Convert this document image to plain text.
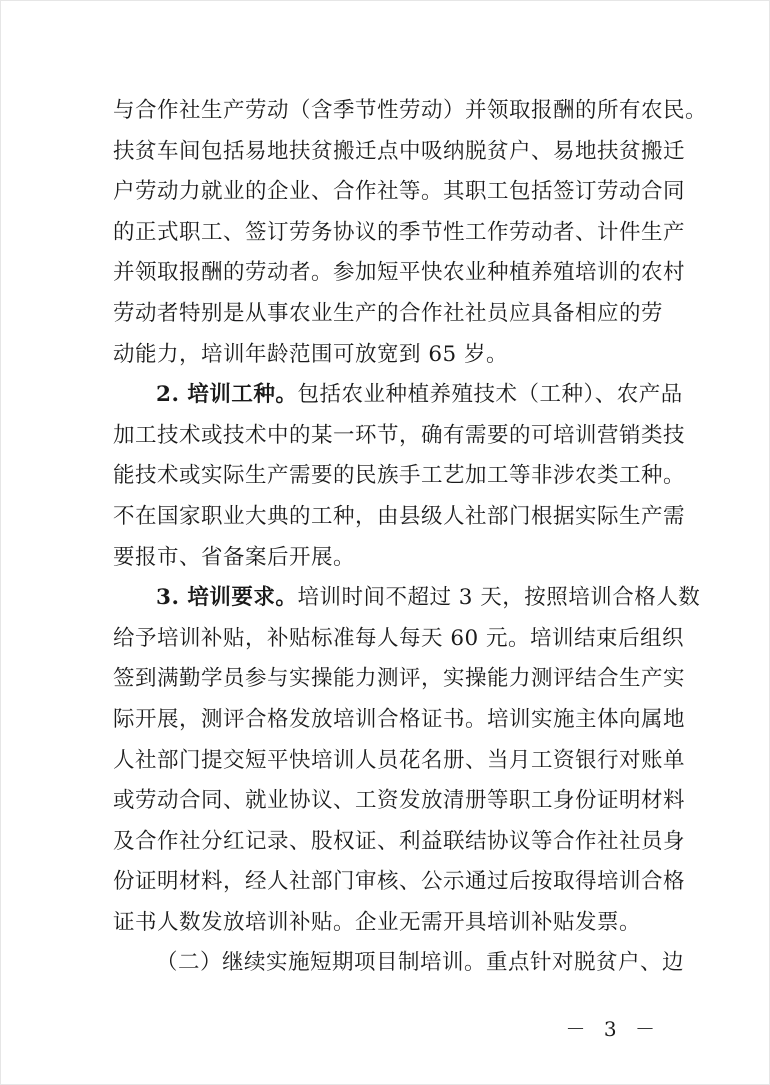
与合作社生产劳动（含季节性劳动）并领取报酬的所有农民。
扶贫车间包括易地扶贫搬迁点中吸纳脱贫户、易地扶贫搬迁
户劳动力就业的企业、合作社等。其职工包括签订劳动合同
的正式职工、签订劳务协议的季节性工作劳动者、计件生产
并领取报酬的劳动者。参加短平快农业种植养殖培训的农村
劳动者特别是从事农业生产的合作社社员应具备相应的劳
动能力，培训年龄范围可放宽到 65 岁。
2. 培训工种。包括农业种植养殖技术（工种）、农产品
加工技术或技术中的某一环节，确有需要的可培训营销类技
能技术或实际生产需要的民族手工艺加工等非涉农类工种。
不在国家职业大典的工种，由县级人社部门根据实际生产需
要报市、省备案后开展。
3. 培训要求。培训时间不超过 3 天，按照培训合格人数
给予培训补贴，补贴标准每人每天 60 元。培训结束后组织
签到满勤学员参与实操能力测评，实操能力测评结合生产实
际开展，测评合格发放培训合格证书。培训实施主体向属地
人社部门提交短平快培训人员花名册、当月工资银行对账单
或劳动合同、就业协议、工资发放清册等职工身份证明材料
及合作社分红记录、股权证、利益联结协议等合作社社员身
份证明材料，经人社部门审核、公示通过后按取得培训合格
证书人数发放培训补贴。企业无需开具培训补贴发票。
（二）继续实施短期项目制培训。重点针对脱贫户、边
－ 3 －
